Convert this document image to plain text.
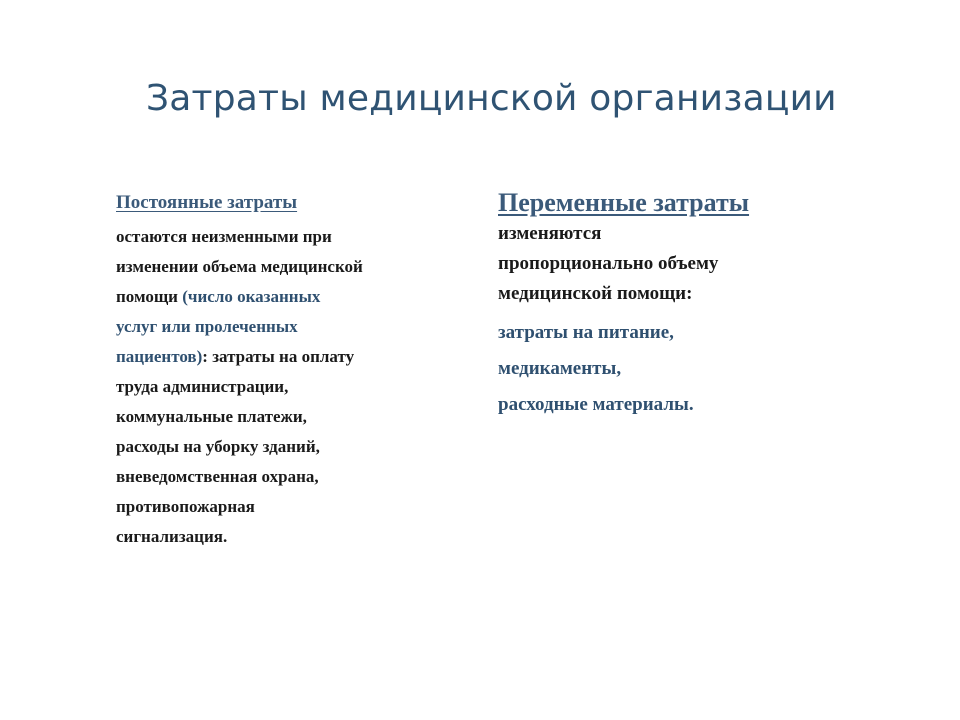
Затраты медицинской организации
Постоянные затраты
остаются неизменными при
изменении объема медицинской
помощи (число оказанных
услуг или пролеченных
пациентов): затраты на оплату
труда администрации,
коммунальные платежи,
расходы на уборку зданий,
вневедомственная охрана,
противопожарная
сигнализация.
Переменные затраты
изменяются
пропорционально объему
медицинской помощи:
затраты на питание,
медикаменты,
расходные материалы.
